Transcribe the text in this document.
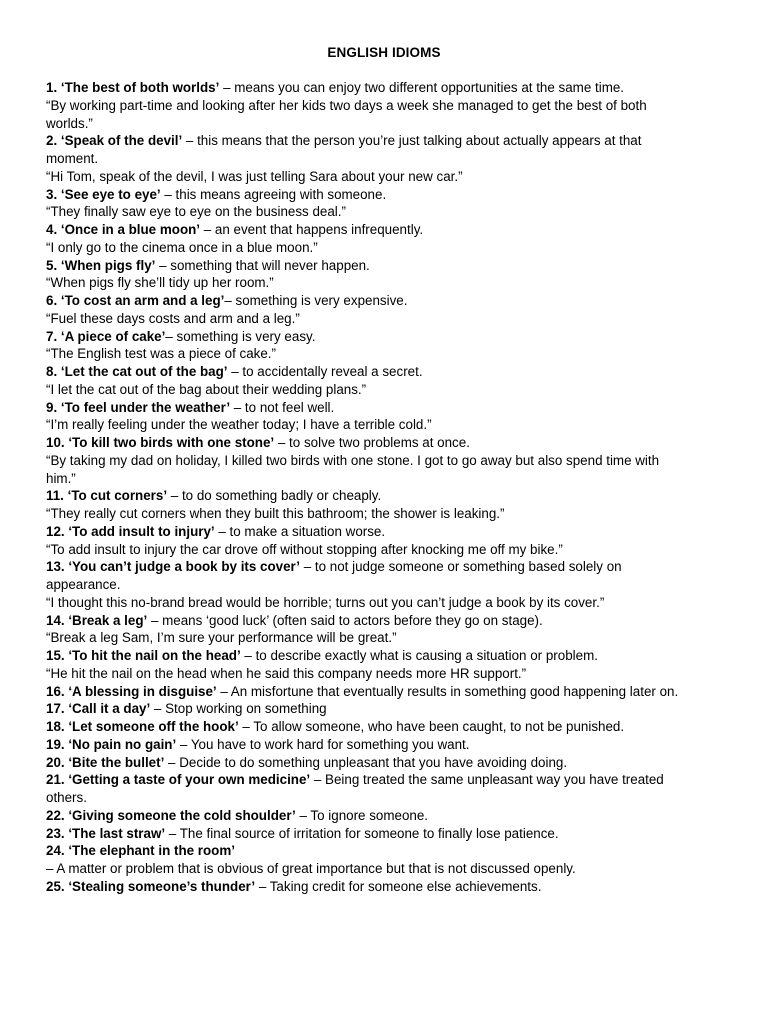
ENGLISH IDIOMS
1. ‘The best of both worlds’ – means you can enjoy two different opportunities at the same time.
“By working part-time and looking after her kids two days a week she managed to get the best of both
worlds.”
2. ‘Speak of the devil’ – this means that the person you’re just talking about actually appears at that
moment.
“Hi Tom, speak of the devil, I was just telling Sara about your new car.”
3. ‘See eye to eye’ – this means agreeing with someone.
“They finally saw eye to eye on the business deal.”
4. ‘Once in a blue moon’ – an event that happens infrequently.
“I only go to the cinema once in a blue moon.”
5. ‘When pigs fly’ – something that will never happen.
“When pigs fly she’ll tidy up her room.”
6. ‘To cost an arm and a leg’– something is very expensive.
“Fuel these days costs and arm and a leg.”
7. ‘A piece of cake’– something is very easy.
“The English test was a piece of cake.”
8. ‘Let the cat out of the bag’ – to accidentally reveal a secret.
“I let the cat out of the bag about their wedding plans.”
9. ‘To feel under the weather’ – to not feel well.
“I’m really feeling under the weather today; I have a terrible cold.”
10. ‘To kill two birds with one stone’ – to solve two problems at once.
“By taking my dad on holiday, I killed two birds with one stone. I got to go away but also spend time with
him.”
11. ‘To cut corners’ – to do something badly or cheaply.
“They really cut corners when they built this bathroom; the shower is leaking.”
12. ‘To add insult to injury’ – to make a situation worse.
“To add insult to injury the car drove off without stopping after knocking me off my bike.”
13. ‘You can’t judge a book by its cover’ – to not judge someone or something based solely on
appearance.
“I thought this no-brand bread would be horrible; turns out you can’t judge a book by its cover.”
14. ‘Break a leg’ – means ‘good luck’ (often said to actors before they go on stage).
“Break a leg Sam, I’m sure your performance will be great.”
15. ‘To hit the nail on the head’ – to describe exactly what is causing a situation or problem.
“He hit the nail on the head when he said this company needs more HR support.”
16. ‘A blessing in disguise’ – An misfortune that eventually results in something good happening later on.
17. ‘Call it a day’ – Stop working on something
18. ‘Let someone off the hook’ – To allow someone, who have been caught, to not be punished.
19. ‘No pain no gain’ – You have to work hard for something you want.
20. ‘Bite the bullet’ – Decide to do something unpleasant that you have avoiding doing.
21. ‘Getting a taste of your own medicine’ – Being treated the same unpleasant way you have treated
others.
22. ‘Giving someone the cold shoulder’ – To ignore someone.
23. ‘The last straw’ – The final source of irritation for someone to finally lose patience.
24. ‘The elephant in the room’
– A matter or problem that is obvious of great importance but that is not discussed openly.
25. ‘Stealing someone’s thunder’ – Taking credit for someone else achievements.
